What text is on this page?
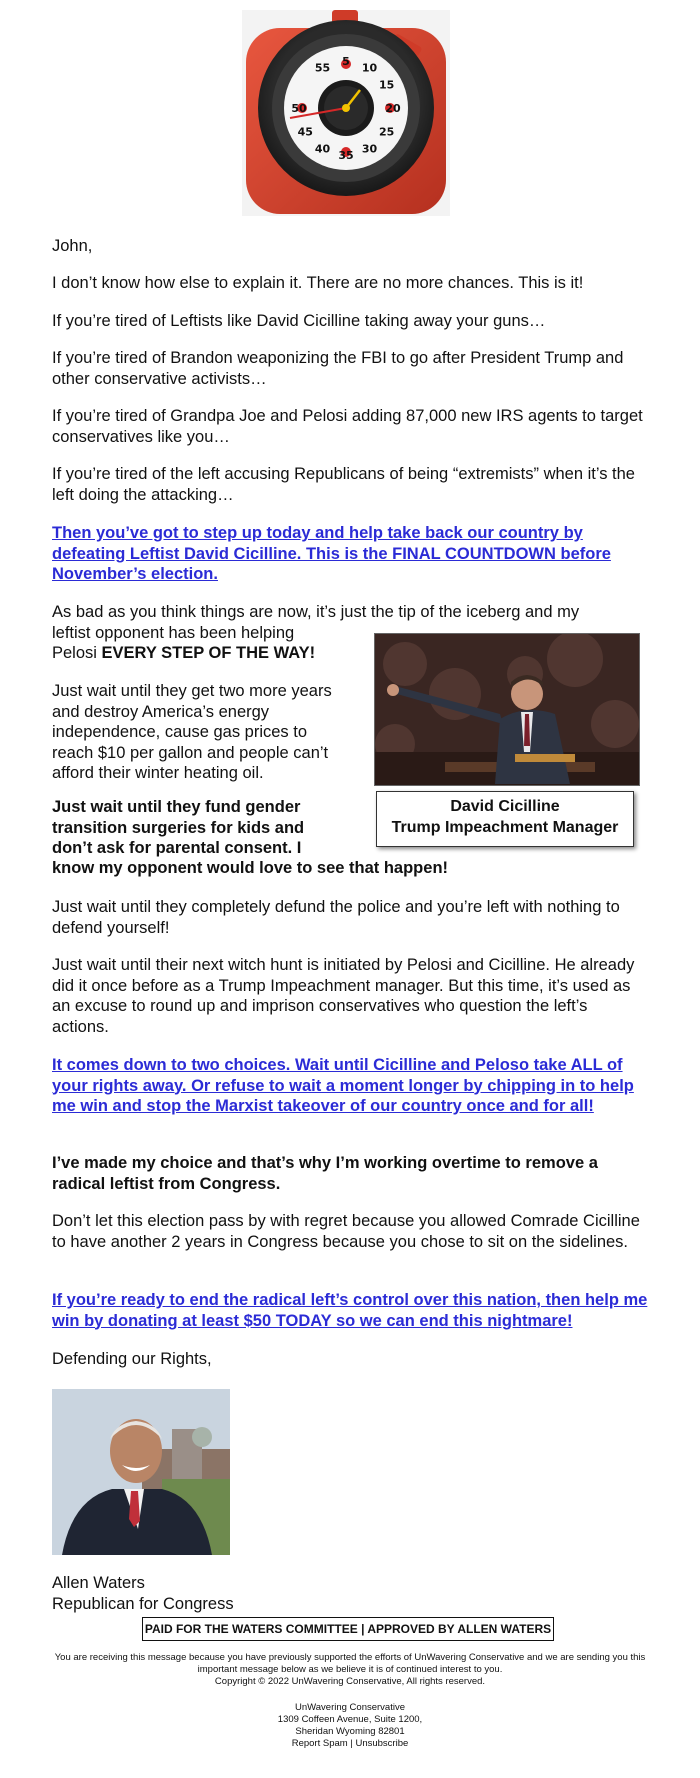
55 5 10
15
20
25
30
35
40
45
50

John,

I don’t know how else to explain it. There are no more chances. This is it!

If you’re tired of Leftists like David Cicilline taking away your guns…

If you’re tired of Brandon weaponizing the FBI to go after President Trump and other conservative activists…

If you’re tired of Grandpa Joe and Pelosi adding 87,000 new IRS agents to target conservatives like you…

If you’re tired of the left accusing Republicans of being “extremists” when it’s the left doing the attacking…

Then you’ve got to step up today and help take back our country by defeating Leftist David Cicilline. This is the FINAL COUNTDOWN before November’s election.

As bad as you think things are now, it’s just the tip of the iceberg and my leftist opponent has been helping

Pelosi EVERY STEP OF THE WAY!

Just wait until they get two more years and destroy America’s energy independence, cause gas prices to reach $10 per gallon and people can’t afford their winter heating oil.

Just wait until they fund gender transition surgeries for kids and don’t ask for parental consent. I

know my opponent would love to see that happen!

Just wait until they completely defund the police and you’re left with nothing to defend yourself!

Just wait until their next witch hunt is initiated by Pelosi and Cicilline. He already did it once before as a Trump Impeachment manager. But this time, it’s used as an excuse to round up and imprison conservatives who question the left’s actions.

It comes down to two choices. Wait until Cicilline and Peloso take ALL of your rights away. Or refuse to wait a moment longer by chipping in to help me win and stop the Marxist takeover of our country once and for all!

I’ve made my choice and that’s why I’m working overtime to remove a radical leftist from Congress.

Don’t let this election pass by with regret because you allowed Comrade Cicilline to have another 2 years in Congress because you chose to sit on the sidelines.

If you’re ready to end the radical left’s control over this nation, then help me win by donating at least $50 TODAY so we can end this nightmare!

Defending our Rights,

Allen Waters

Republican for Congress

David Cicilline
Trump Impeachment Manager
PAID FOR THE WATERS COMMITTEE | APPROVED BY ALLEN WATERS
You are receiving this message because you have previously supported the efforts of UnWavering Conservative and we are sending you this important message below as we believe it is of continued interest to you.
Copyright © 2022 UnWavering Conservative, All rights reserved.
UnWavering Conservative
1309 Coffeen Avenue, Suite 1200,
Sheridan Wyoming 82801
Report Spam | Unsubscribe
